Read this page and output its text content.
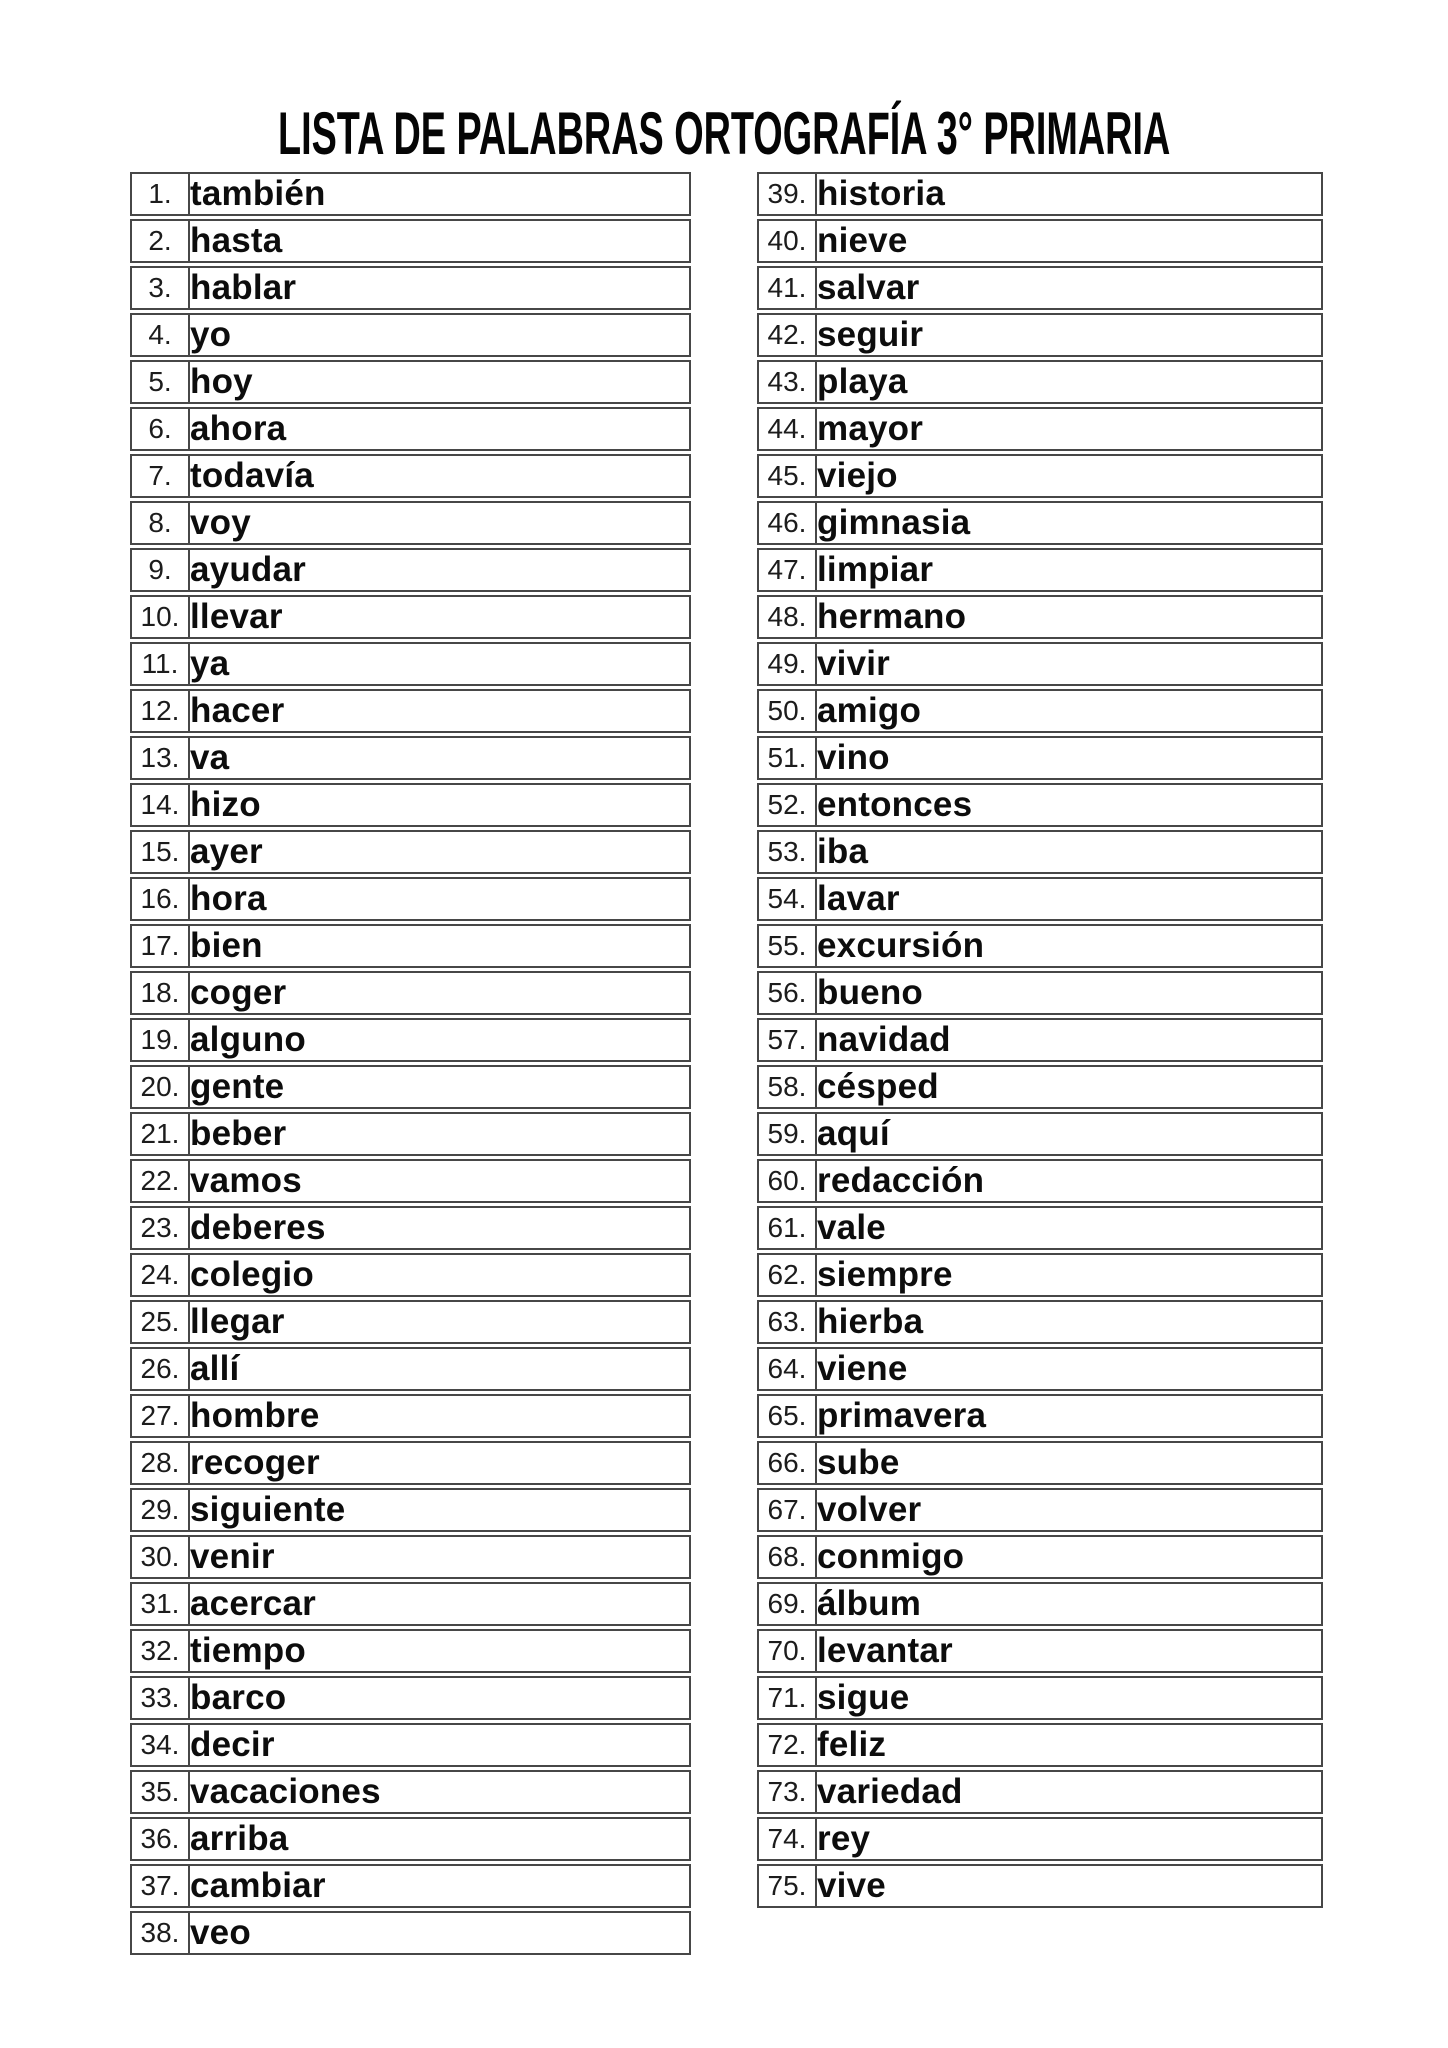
LISTA DE PALABRAS ORTOGRAFÍA 3° PRIMARIA
1.	también
2.	hasta
3.	hablar
4.	yo
5.	hoy
6.	ahora
7.	todavía
8.	voy
9.	ayudar
10.	llevar
11.	ya
12.	hacer
13.	va
14.	hizo
15.	ayer
16.	hora
17.	bien
18.	coger
19.	alguno
20.	gente
21.	beber
22.	vamos
23.	deberes
24.	colegio
25.	llegar
26.	allí
27.	hombre
28.	recoger
29.	siguiente
30.	venir
31.	acercar
32.	tiempo
33.	barco
34.	decir
35.	vacaciones
36.	arriba
37.	cambiar
38.	veo
39.	historia
40.	nieve
41.	salvar
42.	seguir
43.	playa
44.	mayor
45.	viejo
46.	gimnasia
47.	limpiar
48.	hermano
49.	vivir
50.	amigo
51.	vino
52.	entonces
53.	iba
54.	lavar
55.	excursión
56.	bueno
57.	navidad
58.	césped
59.	aquí
60.	redacción
61.	vale
62.	siempre
63.	hierba
64.	viene
65.	primavera
66.	sube
67.	volver
68.	conmigo
69.	álbum
70.	levantar
71.	sigue
72.	feliz
73.	variedad
74.	rey
75.	vive
